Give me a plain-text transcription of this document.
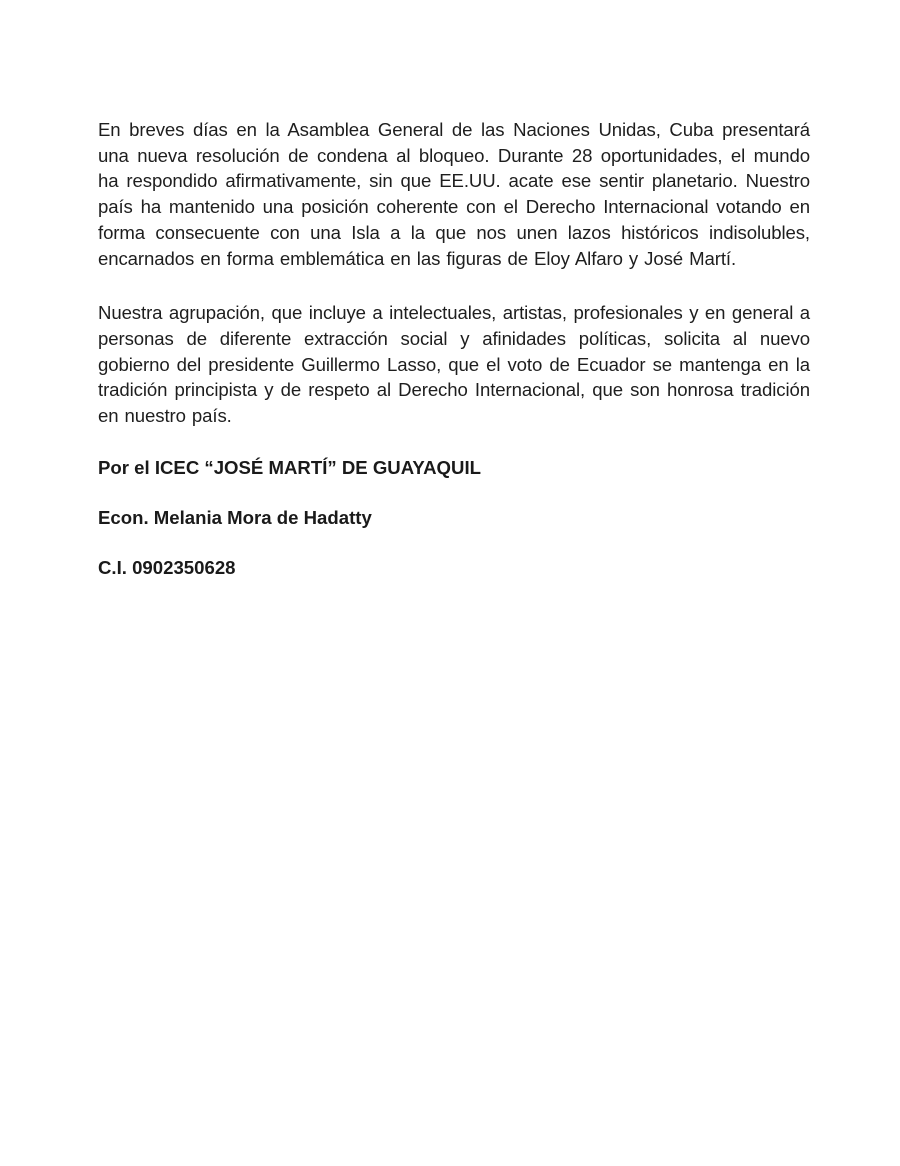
En breves días en la Asamblea General de las Naciones Unidas, Cuba presentará una nueva resolución de condena al bloqueo. Durante 28 oportunidades, el mundo ha respondido afirmativamente, sin que EE.UU. acate ese sentir planetario. Nuestro país ha mantenido una posición coherente con el Derecho Internacional votando en forma consecuente con una Isla a la que nos unen lazos históricos indisolubles, encarnados en forma emblemática en las figuras de Eloy Alfaro y José Martí.

Nuestra agrupación, que incluye a intelectuales, artistas, profesionales y en general a personas de diferente extracción social y afinidades políticas, solicita al nuevo gobierno del presidente Guillermo Lasso, que el voto de Ecuador se mantenga en la tradición principista y de respeto al Derecho Internacional, que son honrosa tradición en nuestro país.

Por el ICEC “JOSÉ MARTÍ” DE GUAYAQUIL

Econ. Melania Mora de Hadatty

C.I. 0902350628
